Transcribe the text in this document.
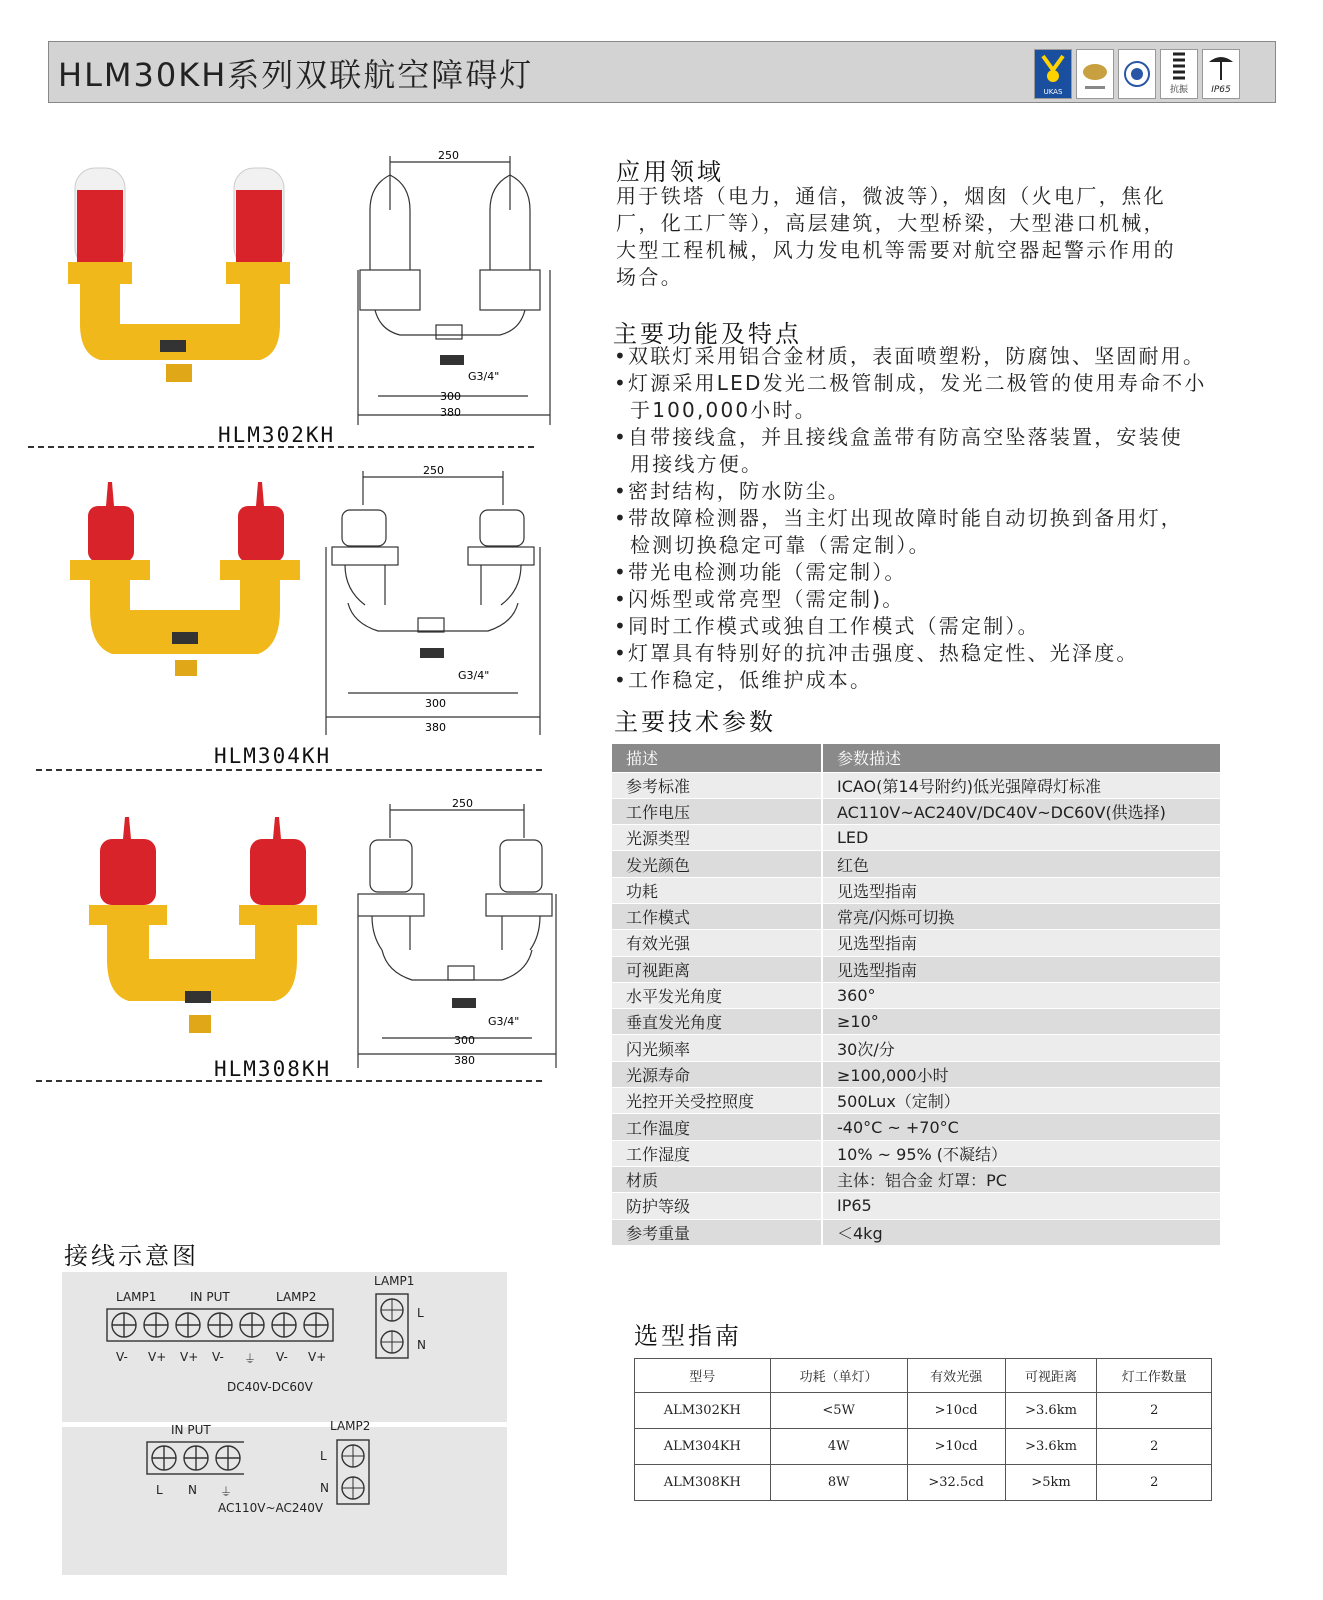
HLM30KH系列双联航空障碍灯	UKAS	抗振	IP65
250
G3/4"
300
380
HLM302KH
250
G3/4"
300
380
HLM304KH
250
G3/4"
300
380
HLM308KH
应用领域
用于铁塔（电力，通信，微波等），烟囱（火电厂，焦化
厂，化工厂等），高层建筑，大型桥梁，大型港口机械，
大型工程机械，风力发电机等需要对航空器起警示作用的
场合。
主要功能及特点
•双联灯采用铝合金材质，表面喷塑粉，防腐蚀、坚固耐用。
•灯源采用LED发光二极管制成，发光二极管的使用寿命不小
于100,000小时。
•自带接线盒，并且接线盒盖带有防高空坠落装置，安装使
用接线方便。
•密封结构，防水防尘。
•带故障检测器，当主灯出现故障时能自动切换到备用灯，
检测切换稳定可靠（需定制）。
•带光电检测功能（需定制）。
•闪烁型或常亮型（需定制)。
•同时工作模式或独自工作模式（需定制）。
•灯罩具有特别好的抗冲击强度、热稳定性、光泽度。
•工作稳定，低维护成本。
主要技术参数
描述	参数描述
参考标准	ICAO(第14号附约)低光强障碍灯标准
工作电压	AC110V~AC240V/DC40V~DC60V(供选择)
光源类型	LED
发光颜色	红色
功耗	见选型指南
工作模式	常亮/闪烁可切换
有效光强	见选型指南
可视距离	见选型指南
水平发光角度	360°
垂直发光角度	≥10°
闪光频率	30次/分
光源寿命	≥100,000小时
光控开关受控照度	500Lux（定制）
工作温度	-40°C ~ +70°C
工作湿度	10% ~ 95% (不凝结）
材质	主体：铝合金 灯罩：PC
防护等级	IP65
参考重量	＜4kg
选型指南
型号	功耗（单灯）	有效光强	可视距离	灯工作数量
ALM302KH	<5W	>10cd	>3.6km	2
ALM304KH	4W	>10cd	>3.6km	2
ALM308KH	8W	>32.5cd	>5km	2
接线示意图
LAMP1	IN PUT	LAMP2
V- V+ V+ V- ⏚ V- V+
DC40V-DC60V
LAMP1
L
N
IN PUT
L N ⏚
AC110V~AC240V
LAMP2
L
N
